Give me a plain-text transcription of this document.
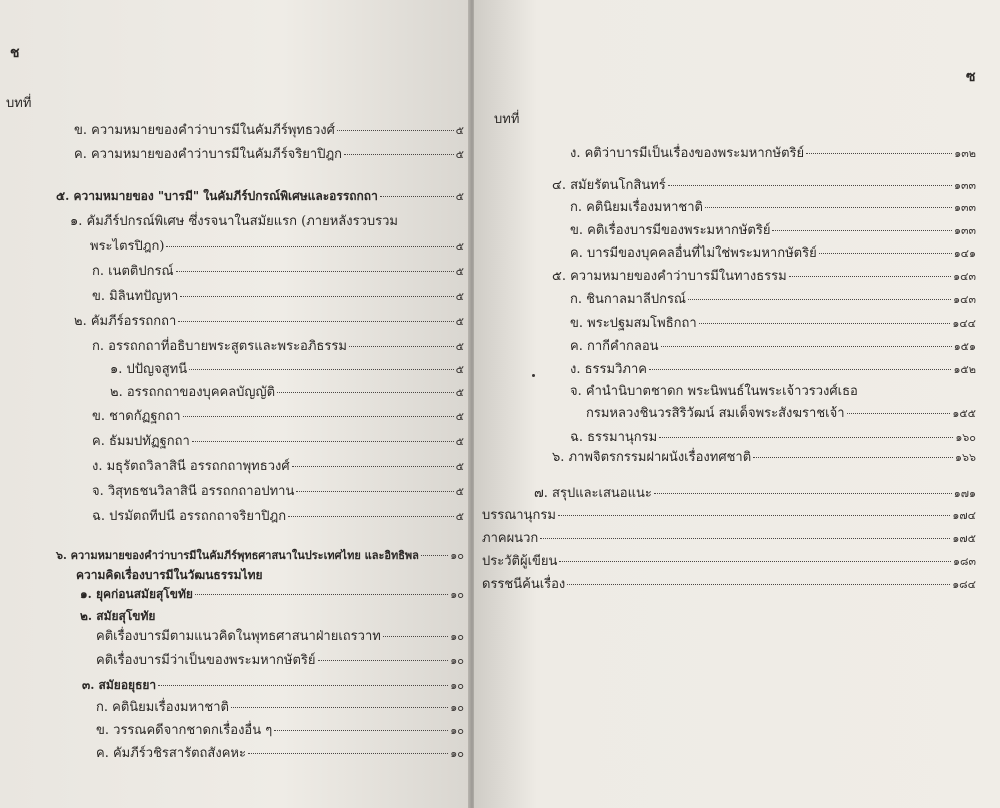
ช
บทที่
ข. ความหมายของคำว่าบารมีในคัมภีร์พุทธวงศ์	๕
ค. ความหมายของคำว่าบารมีในคัมภีร์จริยาปิฎก	๕
๕. ความหมายของ "บารมี" ในคัมภีร์ปกรณ์พิเศษและอรรถกถา	๕
๑. คัมภีร์ปกรณ์พิเศษ ซึ่งรจนาในสมัยแรก (ภายหลังรวบรวม
พระไตรปิฎก)	๕
ก. เนตติปกรณ์	๕
ข. มิลินทปัญหา	๕
๒. คัมภีร์อรรถกถา	๕
ก. อรรถกถาที่อธิบายพระสูตรและพระอภิธรรม	๕
๑. ปปัญจสูทนี	๕
๒. อรรถกถาของบุคคลบัญญัติ	๕
ข. ชาดกัฏฐกถา	๕
ค. ธัมมปทัฏฐกถา	๕
ง. มธุรัตถวิลาสินี อรรถกถาพุทธวงศ์	๕
จ. วิสุทธชนวิลาสินี อรรถกถาอปทาน	๕
ฉ. ปรมัตถทีปนี อรรถกถาจริยาปิฎก	๕
๖. ความหมายของคำว่าบารมีในคัมภีร์พุทธศาสนาในประเทศไทย และอิทธิพล	๑๐
ความคิดเรื่องบารมีในวัฒนธรรมไทย
๑. ยุคก่อนสมัยสุโขทัย	๑๐
๒. สมัยสุโขทัย
คติเรื่องบารมีตามแนวคิดในพุทธศาสนาฝ่ายเถรวาท	๑๐
คติเรื่องบารมีว่าเป็นของพระมหากษัตริย์	๑๐
๓. สมัยอยุธยา	๑๐
ก. คตินิยมเรื่องมหาชาติ	๑๐
ข. วรรณคดีจากชาดกเรื่องอื่น ๆ	๑๐
ค. คัมภีร์วชิรสารัตถสังคหะ	๑๐
ซ
บทที่
ง. คติว่าบารมีเป็นเรื่องของพระมหากษัตริย์	๑๓๒
๔. สมัยรัตนโกสินทร์	๑๓๓
ก. คตินิยมเรื่องมหาชาติ	๑๓๓
ข. คติเรื่องบารมีของพระมหากษัตริย์	๑๓๓
ค. บารมีของบุคคลอื่นที่ไม่ใช่พระมหากษัตริย์	๑๔๑
๕. ความหมายของคำว่าบารมีในทางธรรม	๑๔๓
ก. ชินกาลมาลีปกรณ์	๑๔๓
ข. พระปฐมสมโพธิกถา	๑๔๔
ค. กากีคำกลอน	๑๕๑
ง. ธรรมวิภาค	๑๕๒
จ. คำนำนิบาตชาดก พระนิพนธ์ในพระเจ้าวรวงศ์เธอ
กรมหลวงชินวรสิริวัฒน์ สมเด็จพระสังฆราชเจ้า	๑๕๕
ฉ. ธรรมานุกรม	๑๖๐
๖. ภาพจิตรกรรมฝาผนังเรื่องทศชาติ	๑๖๖
๗. สรุปและเสนอแนะ	๑๗๑
บรรณานุกรม	๑๗๔
ภาคผนวก	๑๗๕
ประวัติผู้เขียน	๑๘๓
ดรรชนีค้นเรื่อง	๑๘๔
